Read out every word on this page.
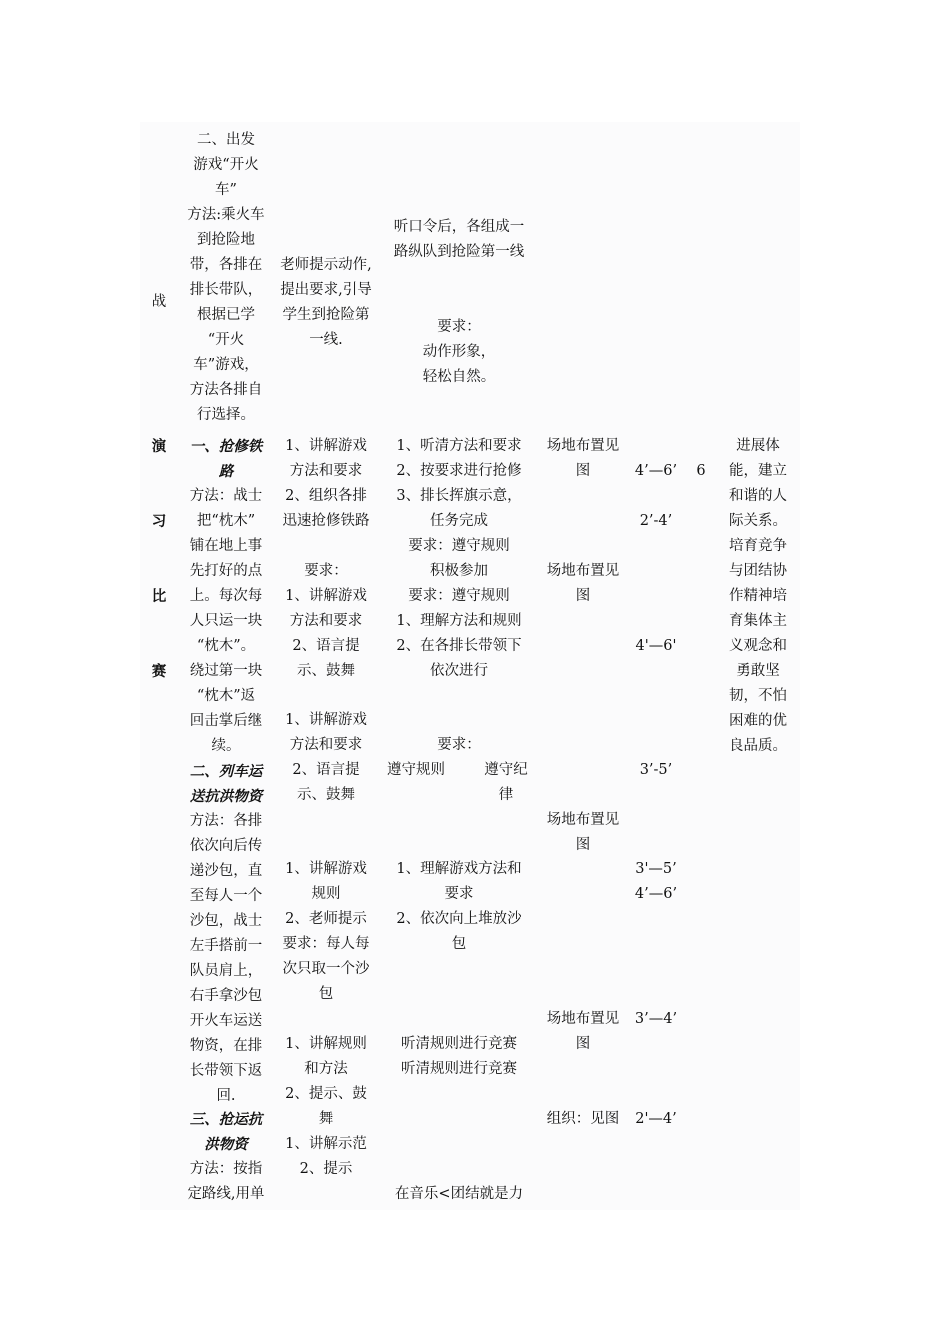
战
二、出发
游戏“开火
车”
方法:乘火车
到抢险地
带，各排在
排长带队，
根据已学
“开火
车”游戏，
方法各排自
行选择。
老师提示动作,
提出要求,引导
学生到抢险第
一线.
听口令后，各组成一
路纵队到抢险第一线

要求：
动作形象，
轻松自然。
演
习
比
赛
一、抢修铁
路
方法：战士
把“枕木”
铺在地上事
先打好的点
上。每次每
人只运一块
“枕木”。
绕过第一块
“枕木”返
回击掌后继
续。
二、列车运
送抗洪物资
方法：各排
依次向后传
递沙包，直
至每人一个
沙包，战士
左手搭前一
队员肩上，
右手拿沙包
开火车运送
物资，在排
长带领下返
回.
三、抢运抗
洪物资
方法：按指
定路线,用单
1、讲解游戏
方法和要求
2、组织各排
迅速抢修铁路

要求：
1、讲解游戏
方法和要求
2、语言提
示、鼓舞
1、讲解游戏
方法和要求
2、语言提
示、鼓舞
1、讲解游戏
规则
2、老师提示
要求：每人每
次只取一个沙
包
1、讲解规则
和方法
2、提示、鼓
舞
1、讲解示范
2、提示
1、听清方法和要求
2、按要求进行抢修
3、排长挥旗示意，
任务完成
要求：遵守规则
积极参加
要求：遵守规则
1、理解方法和规则
2、在各排长带领下
依次进行
要求：
遵守规则	遵守纪
律
1、理解游戏方法和
要求
2、依次向上堆放沙
包
听清规则进行竞赛
听清规则进行竞赛
在音乐<团结就是力
场地布置见
图
场地布置见
图
场地布置见
图
场地布置见
图
组织：见图
4’—6’
2’-4’
4'—6'
3’-5’
3'—5’
4’—6’
3’—4’
2'—4’
6
进展体
能，建立
和谐的人
际关系。
培育竞争
与团结协
作精神培
育集体主
义观念和
勇敢坚
韧，不怕
困难的优
良品质。
